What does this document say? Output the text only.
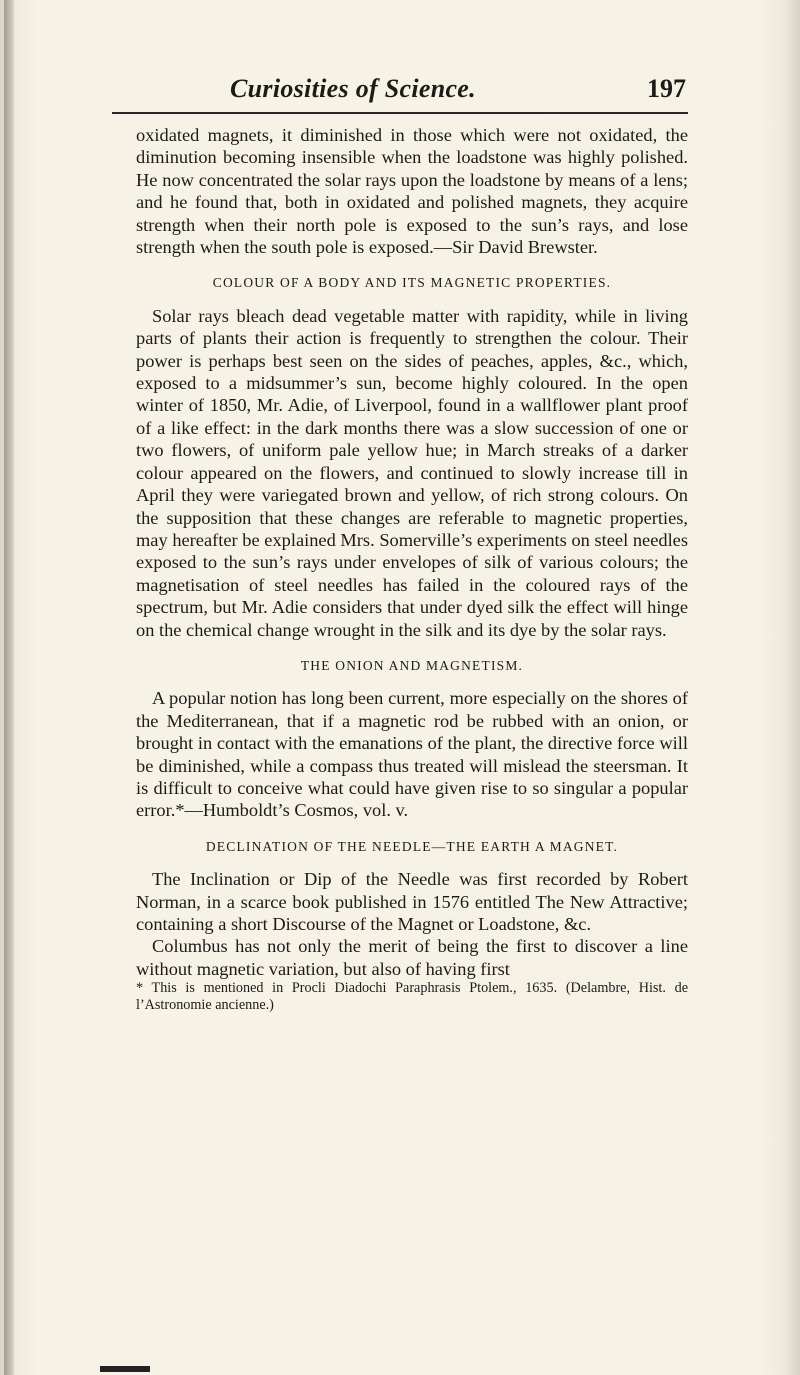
Curiosities of Science.	197

oxidated magnets, it diminished in those which were not oxidated, the diminution becoming insensible when the loadstone was highly polished. He now concentrated the solar rays upon the loadstone by means of a lens; and he found that, both in oxidated and polished magnets, they acquire strength when their north pole is exposed to the sun’s rays, and lose strength when the south pole is exposed.—Sir David Brewster.

COLOUR OF A BODY AND ITS MAGNETIC PROPERTIES.

Solar rays bleach dead vegetable matter with rapidity, while in living parts of plants their action is frequently to strengthen the colour. Their power is perhaps best seen on the sides of peaches, apples, &c., which, exposed to a midsummer’s sun, become highly coloured. In the open winter of 1850, Mr. Adie, of Liverpool, found in a wallflower plant proof of a like effect: in the dark months there was a slow succession of one or two flowers, of uniform pale yellow hue; in March streaks of a darker colour appeared on the flowers, and continued to slowly increase till in April they were variegated brown and yellow, of rich strong colours. On the supposition that these changes are referable to magnetic properties, may hereafter be explained Mrs. Somerville’s experiments on steel needles exposed to the sun’s rays under envelopes of silk of various colours; the magnetisation of steel needles has failed in the coloured rays of the spectrum, but Mr. Adie considers that under dyed silk the effect will hinge on the chemical change wrought in the silk and its dye by the solar rays.

THE ONION AND MAGNETISM.

A popular notion has long been current, more especially on the shores of the Mediterranean, that if a magnetic rod be rubbed with an onion, or brought in contact with the emanations of the plant, the directive force will be diminished, while a compass thus treated will mislead the steersman. It is difficult to conceive what could have given rise to so singular a popular error.*—Humboldt’s Cosmos, vol. v.

DECLINATION OF THE NEEDLE—THE EARTH A MAGNET.

The Inclination or Dip of the Needle was first recorded by Robert Norman, in a scarce book published in 1576 entitled The New Attractive; containing a short Discourse of the Magnet or Loadstone, &c.

Columbus has not only the merit of being the first to discover a line without magnetic variation, but also of having first

* This is mentioned in Procli Diadochi Paraphrasis Ptolem., 1635. (Delambre, Hist. de l’Astronomie ancienne.)
